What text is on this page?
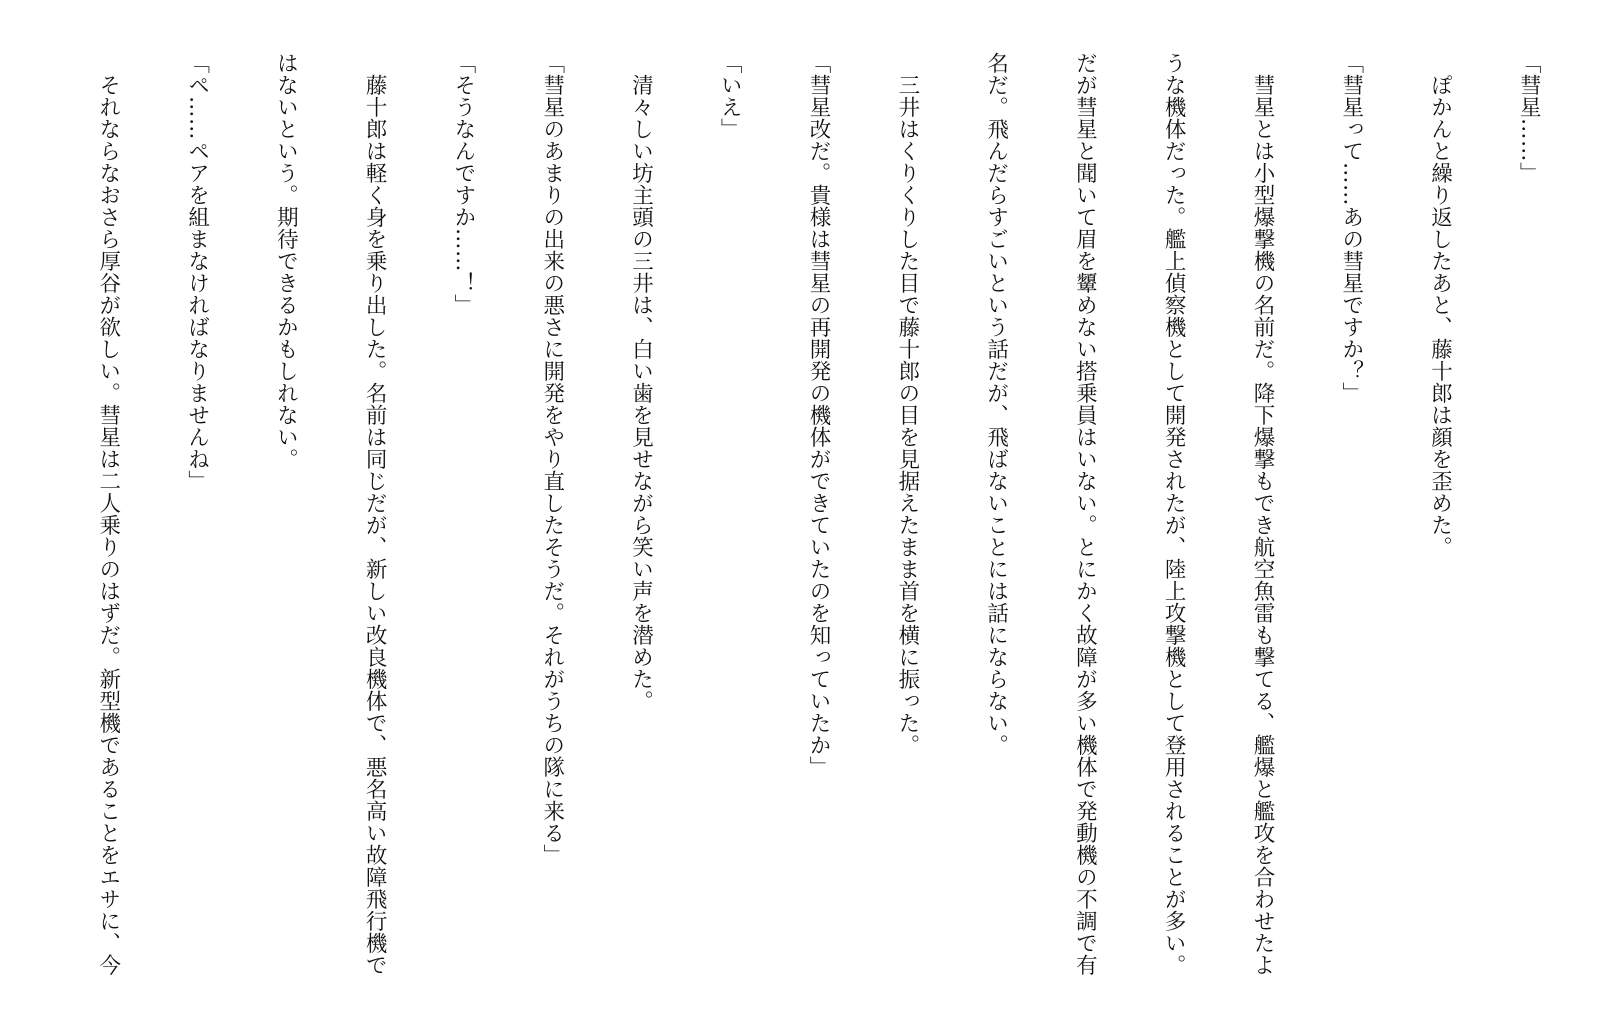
「彗星……」

　ぽかんと繰り返したあと、藤十郎は顔を歪めた。

「彗星って……あの彗星ですか？」

　彗星とは小型爆撃機の名前だ。降下爆撃もでき航空魚雷も撃てる、艦爆と艦攻を合わせたよ

うな機体だった。艦上偵察機として開発されたが、陸上攻撃機として登用されることが多い。

だが彗星と聞いて眉を顰めない搭乗員はいない。とにかく故障が多い機体で発動機の不調で有

名だ。飛んだらすごいという話だが、飛ばないことには話にならない。

　三井はくりくりした目で藤十郎の目を見据えたまま首を横に振った。

「彗星改だ。貴様は彗星の再開発の機体ができていたのを知っていたか」

「いえ」

　清々しい坊主頭の三井は、白い歯を見せながら笑い声を潜めた。

「彗星のあまりの出来の悪さに開発をやり直したそうだ。それがうちの隊に来る」

「そうなんですか……！」

　藤十郎は軽く身を乗り出した。名前は同じだが、新しい改良機体で、悪名高い故障飛行機で

はないという。期待できるかもしれない。

「ペ……ペアを組まなければなりませんね」

　それならなおさら厚谷が欲しい。彗星は二人乗りのはずだ。新型機であることをエサに、今
